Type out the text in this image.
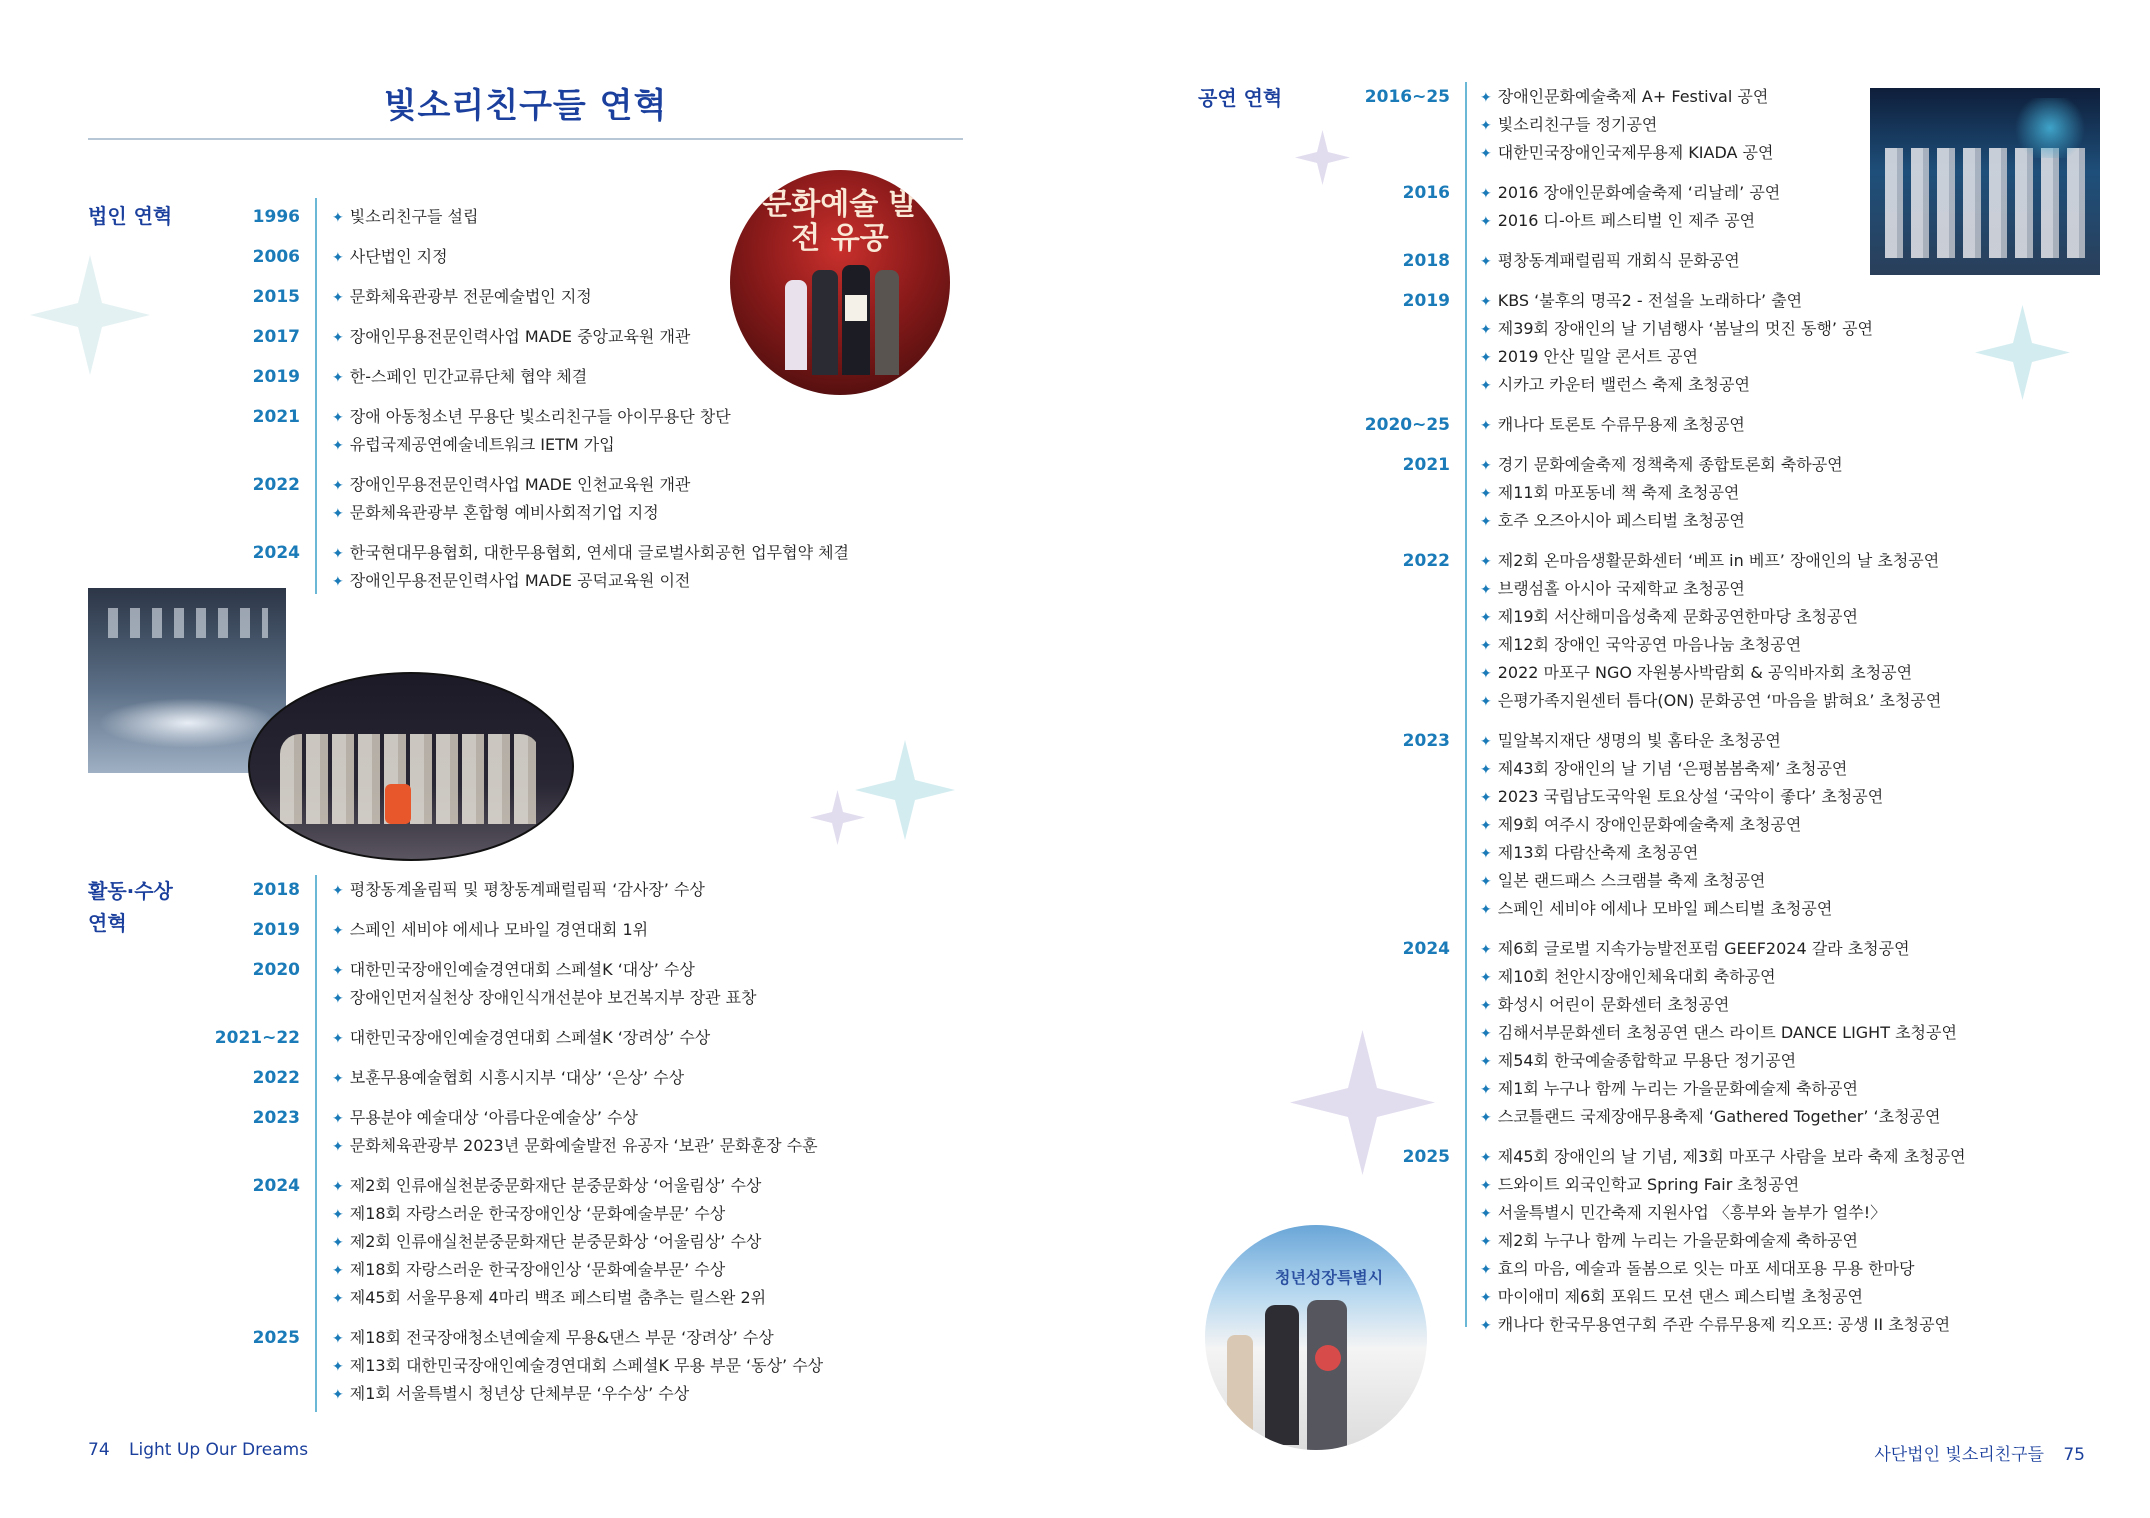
빛소리친구들 연혁
법인 연혁	1996 ✦ 빛소리친구들 설립
2006 ✦ 사단법인 지정
2015 ✦ 문화체육관광부 전문예술법인 지정
2017 ✦ 장애인무용전문인력사업 MADE 중앙교육원 개관
2019 ✦ 한-스페인 민간교류단체 협약 체결
2021 ✦ 장애 아동청소년 무용단 빛소리친구들 아이무용단 창단
✦ 유럽국제공연예술네트워크 IETM 가입
2022 ✦ 장애인무용전문인력사업 MADE 인천교육원 개관
✦ 문화체육관광부 혼합형 예비사회적기업 지정
2024 ✦ 한국현대무용협회, 대한무용협회, 연세대 글로벌사회공헌 업무협약 체결
✦ 장애인무용전문인력사업 MADE 공덕교육원 이전
문화예술 발전 유공
활동·수상
연혁
2018 ✦ 평창동계올림픽 및 평창동계패럴림픽 ‘감사장’ 수상
2019 ✦ 스페인 세비야 에세나 모바일 경연대회 1위
2020 ✦ 대한민국장애인예술경연대회 스페셜K ‘대상’ 수상
✦ 장애인먼저실천상 장애인식개선분야 보건복지부 장관 표창
2021~22 ✦ 대한민국장애인예술경연대회 스페셜K ‘장려상’ 수상
2022 ✦ 보훈무용예술협회 시흥시지부 ‘대상’ ‘은상’ 수상
2023 ✦ 무용분야 예술대상 ‘아름다운예술상’ 수상
✦ 문화체육관광부 2023년 문화예술발전 유공자 ‘보관’ 문화훈장 수훈
2024 ✦ 제2회 인류애실천분중문화재단 분중문화상 ‘어울림상’ 수상
✦ 제18회 자랑스러운 한국장애인상 ‘문화예술부문’ 수상
✦ 제2회 인류애실천분중문화재단 분중문화상 ‘어울림상’ 수상
✦ 제18회 자랑스러운 한국장애인상 ‘문화예술부문’ 수상
✦ 제45회 서울무용제 4마리 백조 페스티벌 춤추는 릴스완 2위
2025 ✦ 제18회 전국장애청소년예술제 무용&댄스 부문 ‘장려상’ 수상
✦ 제13회 대한민국장애인예술경연대회 스페셜K 무용 부문 ‘동상’ 수상
✦ 제1회 서울특별시 청년상 단체부문 ‘우수상’ 수상
74 Light Up Our Dreams
공연 연혁	2016~25 ✦ 장애인문화예술축제 A+ Festival 공연
✦ 빛소리친구들 정기공연
✦ 대한민국장애인국제무용제 KIADA 공연
2016 ✦ 2016 장애인문화예술축제 ‘리날레’ 공연
✦ 2016 디-아트 페스티벌 인 제주 공연
2018 ✦ 평창동계패럴림픽 개회식 문화공연
2019 ✦ KBS ‘불후의 명곡2 - 전설을 노래하다’ 출연
✦ 제39회 장애인의 날 기념행사 ‘봄날의 멋진 동행’ 공연
✦ 2019 안산 밀알 콘서트 공연
✦ 시카고 카운터 밸런스 축제 초청공연
2020~25 ✦ 캐나다 토론토 수류무용제 초청공연
2021 ✦ 경기 문화예술축제 정책축제 종합토론회 축하공연
✦ 제11회 마포동네 책 축제 초청공연
✦ 호주 오즈아시아 페스티벌 초청공연
2022 ✦ 제2회 온마음생활문화센터 ‘베프 in 베프’ 장애인의 날 초청공연
✦ 브랭섬홀 아시아 국제학교 초청공연
✦ 제19회 서산해미읍성축제 문화공연한마당 초청공연
✦ 제12회 장애인 국악공연 마음나눔 초청공연
✦ 2022 마포구 NGO 자원봉사박람회 & 공익바자회 초청공연
✦ 은평가족지원센터 틈다(ON) 문화공연 ‘마음을 밝혀요’ 초청공연
2023 ✦ 밀알복지재단 생명의 빛 홈타운 초청공연
✦ 제43회 장애인의 날 기념 ‘은평봄봄축제’ 초청공연
✦ 2023 국립남도국악원 토요상설 ‘국악이 좋다’ 초청공연
✦ 제9회 여주시 장애인문화예술축제 초청공연
✦ 제13회 다람산축제 초청공연
✦ 일본 랜드패스 스크램블 축제 초청공연
✦ 스페인 세비야 에세나 모바일 페스티벌 초청공연
2024 ✦ 제6회 글로벌 지속가능발전포럼 GEEF2024 갈라 초청공연
✦ 제10회 천안시장애인체육대회 축하공연
✦ 화성시 어린이 문화센터 초청공연
✦ 김해서부문화센터 초청공연 댄스 라이트 DANCE LIGHT 초청공연
✦ 제54회 한국예술종합학교 무용단 정기공연
✦ 제1회 누구나 함께 누리는 가을문화예술제 축하공연
✦ 스코틀랜드 국제장애무용축제 ‘Gathered Together’ ‘초청공연
2025 ✦ 제45회 장애인의 날 기념, 제3회 마포구 사람을 보라 축제 초청공연
✦ 드와이트 외국인학교 Spring Fair 초청공연
✦ 서울특별시 민간축제 지원사업 〈흥부와 놀부가 얼쑤!〉
✦ 제2회 누구나 함께 누리는 가을문화예술제 축하공연
✦ 효의 마음, 예술과 돌봄으로 잇는 마포 세대포용 무용 한마당
✦ 마이애미 제6회 포워드 모션 댄스 페스티벌 초청공연
✦ 캐나다 한국무용연구회 주관 수류무용제 킥오프: 공생 II 초청공연
청년성장특별시
사단법인 빛소리친구들 75
